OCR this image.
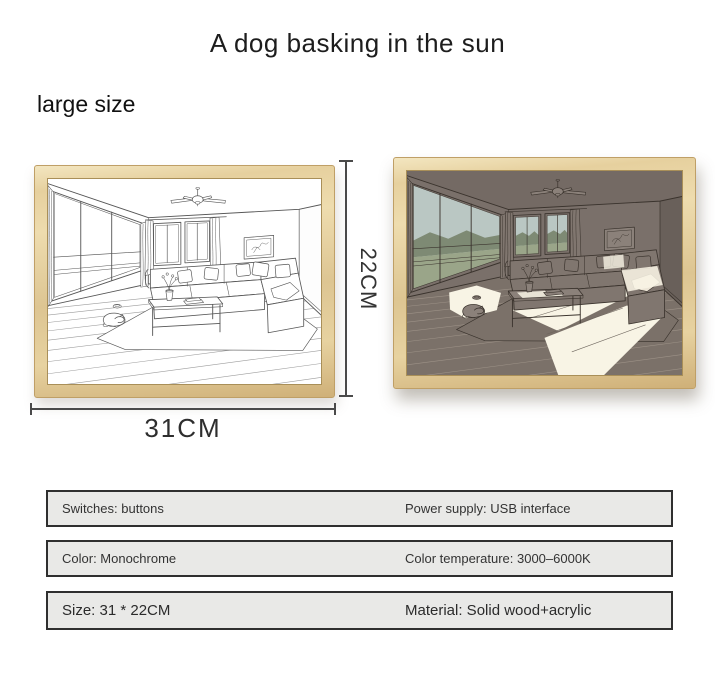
A dog basking in the sun
large size
22CM
31CM
Switches: buttons	Power supply: USB interface
Color: Monochrome	Color temperature: 3000–6000K
Size: 31 * 22CM	Material: Solid wood+acrylic
